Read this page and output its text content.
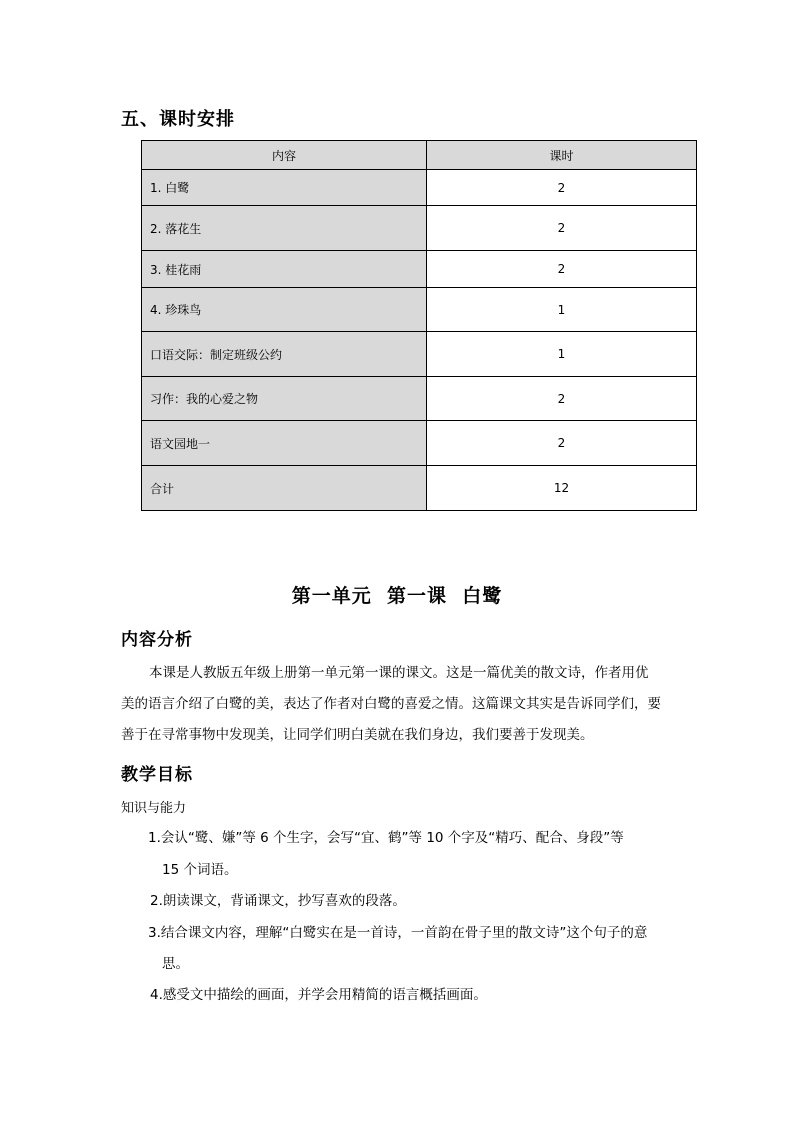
五、课时安排
内容	课时
1. 白鹭	2
2. 落花生	2
3. 桂花雨	2
4. 珍珠鸟	1
口语交际：制定班级公约	1
习作：我的心爱之物	2
语文园地一	2
合计	12
第一单元  第一课  白鹭
内容分析
本课是人教版五年级上册第一单元第一课的课文。这是一篇优美的散文诗，作者用优
美的语言介绍了白鹭的美，表达了作者对白鹭的喜爱之情。这篇课文其实是告诉同学们，要
善于在寻常事物中发现美，让同学们明白美就在我们身边，我们要善于发现美。
教学目标
知识与能力
1.会认“鹭、嫌”等 6 个生字，会写“宜、鹤”等 10 个字及“精巧、配合、身段”等
15 个词语。
2.朗读课文，背诵课文，抄写喜欢的段落。
3.结合课文内容，理解“白鹭实在是一首诗，一首韵在骨子里的散文诗”这个句子的意
思。
4.感受文中描绘的画面，并学会用精简的语言概括画面。
